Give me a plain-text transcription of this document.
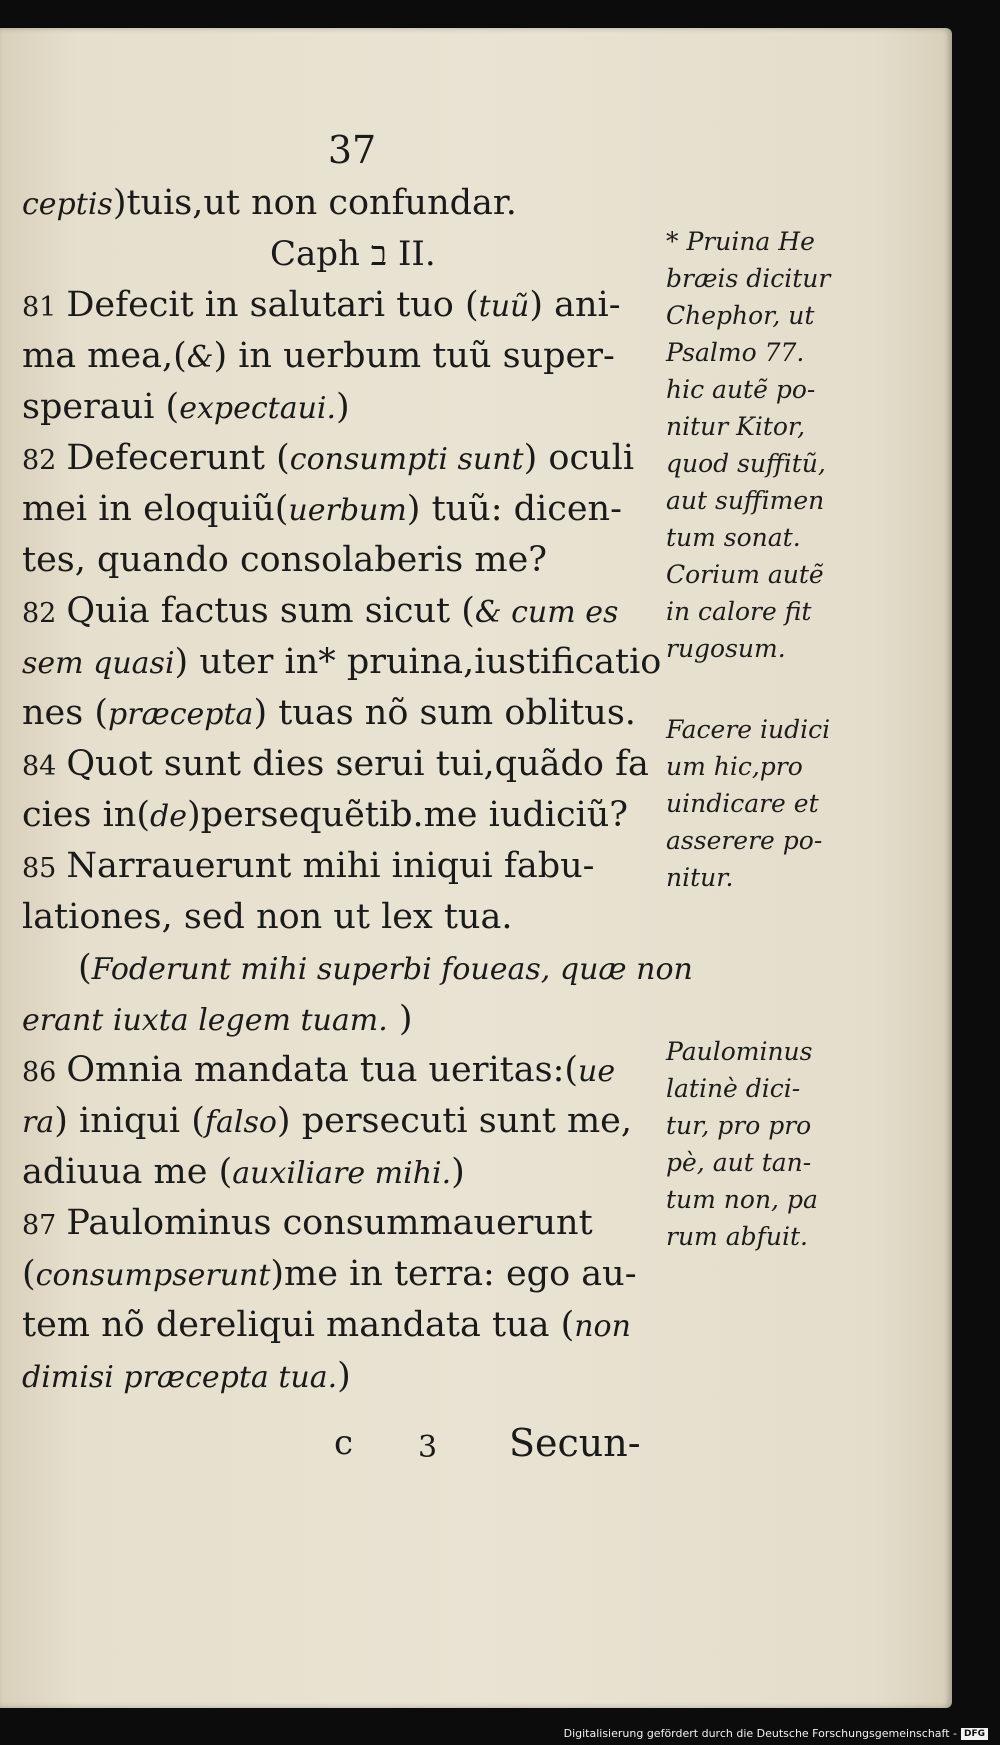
37
ceptis)tuis,ut non confundar.
Caph ב II.
81 Defecit in salutari tuo (tuũ) ani-
ma mea,(&) in uerbum tuũ super-
speraui (expectaui.)
82 Defecerunt (consumpti sunt) oculi
mei in eloquiũ(uerbum) tuũ: dicen-
tes, quando consolaberis me?
82 Quia factus sum sicut (& cum es
sem quasi) uter in* pruina,iustificatio
nes (præcepta) tuas nõ sum oblitus.
84 Quot sunt dies serui tui,quãdo fa
cies in(de)persequẽtib.me iudiciũ?
85 Narrauerunt mihi iniqui fabu-
lationes, sed non ut lex tua.
(Foderunt mihi superbi foueas, quæ non
erant iuxta legem tuam. )
86 Omnia mandata tua ueritas:(ue
ra) iniqui (falso) persecuti sunt me,
adiuua me (auxiliare mihi.)
87 Paulominus consummauerunt
(consumpserunt)me in terra: ego au-
tem nõ dereliqui mandata tua (non
dimisi præcepta tua.)
c 3 Secun-
* Pruina He
bræis dicitur
Chephor, ut
Psalmo 77.
hic autẽ po-
nitur Kitor,
quod suffitũ,
aut suffimen
tum sonat.
Corium autẽ
in calore fit
rugosum.
Facere iudici
um hic,pro
uindicare et
asserere po-
nitur.
Paulominus
latinè dici-
tur, pro pro
pè, aut tan-
tum non, pa
rum abfuit.
Digitalisierung gefördert durch die Deutsche Forschungsgemeinschaft - DFG
